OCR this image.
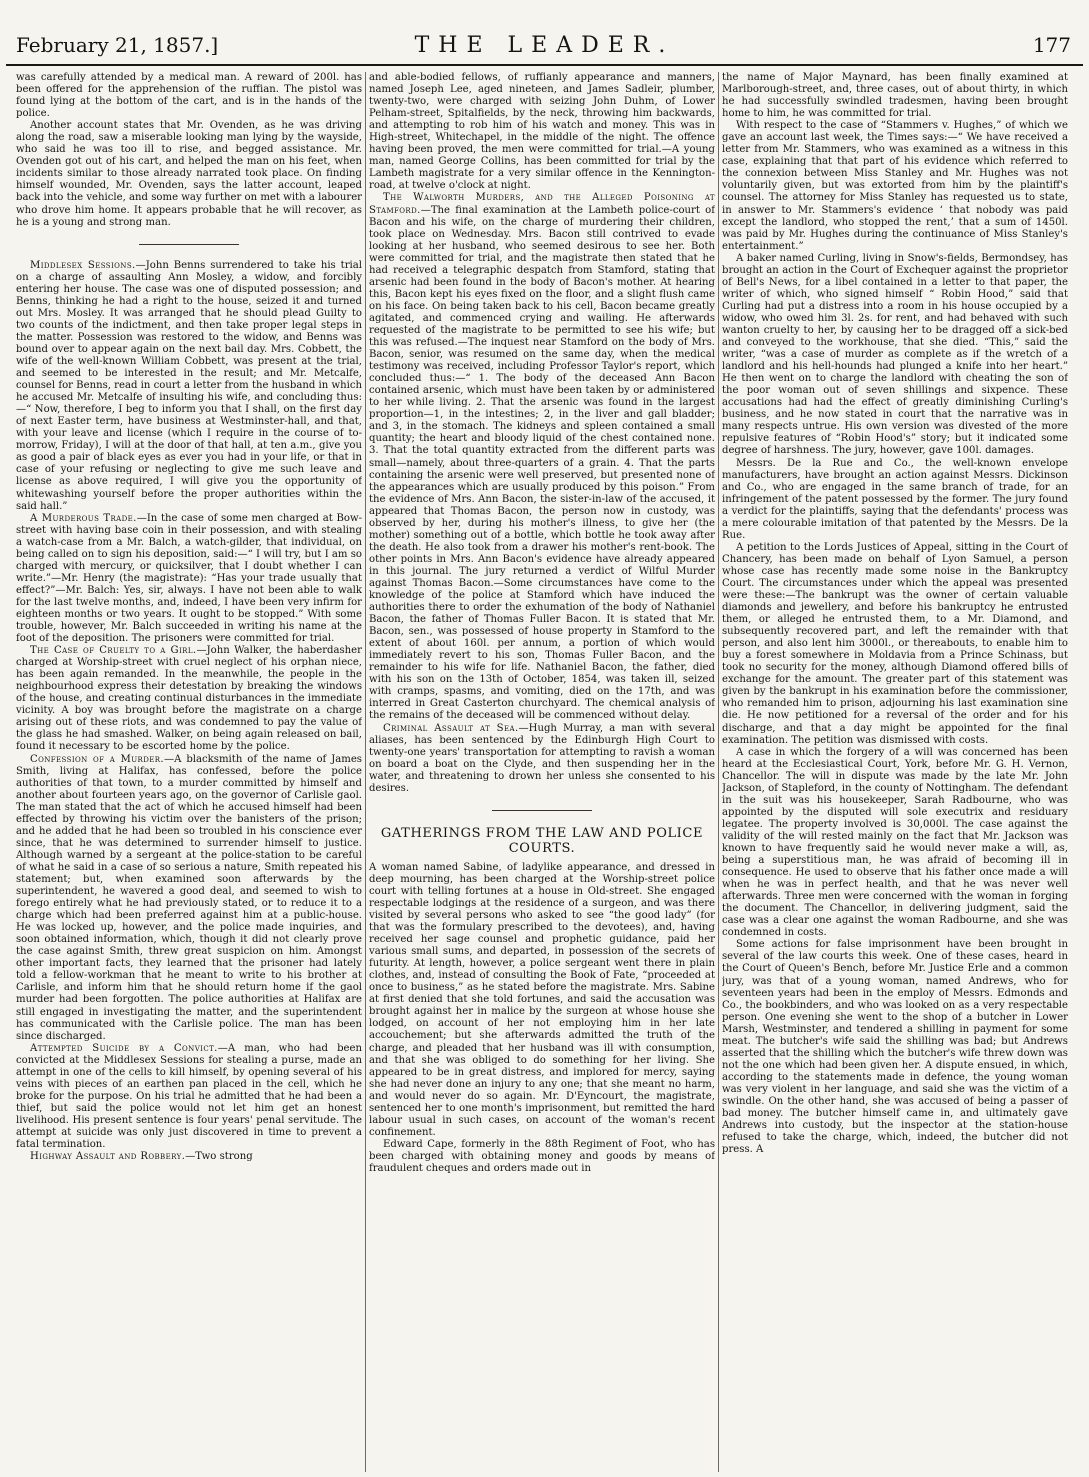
February 21, 1857.]	THE LEADER.	177

was carefully attended by a medical man. A reward of 200l. has been offered for the apprehension of the ruffian. The pistol was found lying at the bottom of the cart, and is in the hands of the police.

Another account states that Mr. Ovenden, as he was driving along the road, saw a miserable looking man lying by the wayside, who said he was too ill to rise, and begged assistance. Mr. Ovenden got out of his cart, and helped the man on his feet, when incidents similar to those already narrated took place. On finding himself wounded, Mr. Ovenden, says the latter account, leaped back into the vehicle, and some way further on met with a labourer who drove him home. It appears probable that he will recover, as he is a young and strong man.

Middlesex Sessions.—John Benns surrendered to take his trial on a charge of assaulting Ann Mosley, a widow, and forcibly entering her house. The case was one of disputed possession; and Benns, thinking he had a right to the house, seized it and turned out Mrs. Mosley. It was arranged that he should plead Guilty to two counts of the indictment, and then take proper legal steps in the matter. Possession was restored to the widow, and Benns was bound over to appear again on the next bail day. Mrs. Cobbett, the wife of the well-known William Cobbett, was present at the trial, and seemed to be interested in the result; and Mr. Metcalfe, counsel for Benns, read in court a letter from the husband in which he accused Mr. Metcalfe of insulting his wife, and concluding thus:—“ Now, therefore, I beg to inform you that I shall, on the first day of next Easter term, have business at Westminster-hall, and that, with your leave and license (which I require in the course of to-morrow, Friday), I will at the door of that hall, at ten a.m., give you as good a pair of black eyes as ever you had in your life, or that in case of your refusing or neglecting to give me such leave and license as above required, I will give you the opportunity of whitewashing yourself before the proper authorities within the said hall.”

A Murderous Trade.—In the case of some men charged at Bow-street with having base coin in their possession, and with stealing a watch-case from a Mr. Balch, a watch-gilder, that individual, on being called on to sign his deposition, said:—“ I will try, but I am so charged with mercury, or quicksilver, that I doubt whether I can write.”—Mr. Henry (the magistrate): “Has your trade usually that effect?”—Mr. Balch: Yes, sir, always. I have not been able to walk for the last twelve months, and, indeed, I have been very infirm for eighteen months or two years. It ought to be stopped.” With some trouble, however, Mr. Balch succeeded in writing his name at the foot of the deposition. The prisoners were committed for trial.

The Case of Cruelty to a Girl.—John Walker, the haberdasher charged at Worship-street with cruel neglect of his orphan niece, has been again remanded. In the meanwhile, the people in the neighbourhood express their detestation by breaking the windows of the house, and creating continual disturbances in the immediate vicinity. A boy was brought before the magistrate on a charge arising out of these riots, and was condemned to pay the value of the glass he had smashed. Walker, on being again released on bail, found it necessary to be escorted home by the police.

Confession of a Murder.—A blacksmith of the name of James Smith, living at Halifax, has confessed, before the police authorities of that town, to a murder committed by himself and another about fourteen years ago, on the governor of Carlisle gaol. The man stated that the act of which he accused himself had been effected by throwing his victim over the banisters of the prison; and he added that he had been so troubled in his conscience ever since, that he was determined to surrender himself to justice. Although warned by a sergeant at the police-station to be careful of what he said in a case of so serious a nature, Smith repeated his statement; but, when examined soon afterwards by the superintendent, he wavered a good deal, and seemed to wish to forego entirely what he had previously stated, or to reduce it to a charge which had been preferred against him at a public-house. He was locked up, however, and the police made inquiries, and soon obtained information, which, though it did not clearly prove the case against Smith, threw great suspicion on him. Amongst other important facts, they learned that the prisoner had lately told a fellow-workman that he meant to write to his brother at Carlisle, and inform him that he should return home if the gaol murder had been forgotten. The police authorities at Halifax are still engaged in investigating the matter, and the superintendent has communicated with the Carlisle police. The man has been since discharged.

Attempted Suicide by a Convict.—A man, who had been convicted at the Middlesex Sessions for stealing a purse, made an attempt in one of the cells to kill himself, by opening several of his veins with pieces of an earthen pan placed in the cell, which he broke for the purpose. On his trial he admitted that he had been a thief, but said the police would not let him get an honest livelihood. His present sentence is four years' penal servitude. The attempt at suicide was only just discovered in time to prevent a fatal termination.

Highway Assault and Robbery.—Two strong

and able-bodied fellows, of ruffianly appearance and manners, named Joseph Lee, aged nineteen, and James Sadleir, plumber, twenty-two, were charged with seizing John Duhm, of Lower Pelham-street, Spitalfields, by the neck, throwing him backwards, and attempting to rob him of his watch and money. This was in High-street, Whitechapel, in the middle of the night. The offence having been proved, the men were committed for trial.—A young man, named George Collins, has been committed for trial by the Lambeth magistrate for a very similar offence in the Kennington-road, at twelve o'clock at night.

The Walworth Murders, and the Alleged Poisoning at Stamford.—The final examination at the Lambeth police-court of Bacon and his wife, on the charge of murdering their children, took place on Wednesday. Mrs. Bacon still contrived to evade looking at her husband, who seemed desirous to see her. Both were committed for trial, and the magistrate then stated that he had received a telegraphic despatch from Stamford, stating that arsenic had been found in the body of Bacon's mother. At hearing this, Bacon kept his eyes fixed on the floor, and a slight flush came on his face. On being taken back to his cell, Bacon became greatly agitated, and commenced crying and wailing. He afterwards requested of the magistrate to be permitted to see his wife; but this was refused.—The inquest near Stamford on the body of Mrs. Bacon, senior, was resumed on the same day, when the medical testimony was received, including Professor Taylor's report, which concluded thus:—“ 1. The body of the deceased Ann Bacon contained arsenic, which must have been taken by or administered to her while living. 2. That the arsenic was found in the largest proportion—1, in the intestines; 2, in the liver and gall bladder; and 3, in the stomach. The kidneys and spleen contained a small quantity; the heart and bloody liquid of the chest contained none. 3. That the total quantity extracted from the different parts was small—namely, about three-quarters of a grain. 4. That the parts containing the arsenic were well preserved, but presented none of the appearances which are usually produced by this poison.” From the evidence of Mrs. Ann Bacon, the sister-in-law of the accused, it appeared that Thomas Bacon, the person now in custody, was observed by her, during his mother's illness, to give her (the mother) something out of a bottle, which bottle he took away after the death. He also took from a drawer his mother's rent-book. The other points in Mrs. Ann Bacon's evidence have already appeared in this journal. The jury returned a verdict of Wilful Murder against Thomas Bacon.—Some circumstances have come to the knowledge of the police at Stamford which have induced the authorities there to order the exhumation of the body of Nathaniel Bacon, the father of Thomas Fuller Bacon. It is stated that Mr. Bacon, sen., was possessed of house property in Stamford to the extent of about 160l. per annum, a portion of which would immediately revert to his son, Thomas Fuller Bacon, and the remainder to his wife for life. Nathaniel Bacon, the father, died with his son on the 13th of October, 1854, was taken ill, seized with cramps, spasms, and vomiting, died on the 17th, and was interred in Great Casterton churchyard. The chemical analysis of the remains of the deceased will be commenced without delay.

Criminal Assault at Sea.—Hugh Murray, a man with several aliases, has been sentenced by the Edinburgh High Court to twenty-one years' transportation for attempting to ravish a woman on board a boat on the Clyde, and then suspending her in the water, and threatening to drown her unless she consented to his desires.

GATHERINGS FROM THE LAW AND POLICE COURTS.

A woman named Sabine, of ladylike appearance, and dressed in deep mourning, has been charged at the Worship-street police court with telling fortunes at a house in Old-street. She engaged respectable lodgings at the residence of a surgeon, and was there visited by several persons who asked to see “the good lady” (for that was the formulary prescribed to the devotees), and, having received her sage counsel and prophetic guidance, paid her various small sums, and departed, in possession of the secrets of futurity. At length, however, a police sergeant went there in plain clothes, and, instead of consulting the Book of Fate, “proceeded at once to business,” as he stated before the magistrate. Mrs. Sabine at first denied that she told fortunes, and said the accusation was brought against her in malice by the surgeon at whose house she lodged, on account of her not employing him in her late accouchement; but she afterwards admitted the truth of the charge, and pleaded that her husband was ill with consumption, and that she was obliged to do something for her living. She appeared to be in great distress, and implored for mercy, saying she had never done an injury to any one; that she meant no harm, and would never do so again. Mr. D'Eyncourt, the magistrate, sentenced her to one month's imprisonment, but remitted the hard labour usual in such cases, on account of the woman's recent confinement.

Edward Cape, formerly in the 88th Regiment of Foot, who has been charged with obtaining money and goods by means of fraudulent cheques and orders made out in

the name of Major Maynard, has been finally examined at Marlborough-street, and, three cases, out of about thirty, in which he had successfully swindled tradesmen, having been brought home to him, he was committed for trial.

With respect to the case of “Stammers v. Hughes,” of which we gave an account last week, the Times says:—“ We have received a letter from Mr. Stammers, who was examined as a witness in this case, explaining that that part of his evidence which referred to the connexion between Miss Stanley and Mr. Hughes was not voluntarily given, but was extorted from him by the plaintiff's counsel. The attorney for Miss Stanley has requested us to state, in answer to Mr. Stammers's evidence ‘ that nobody was paid except the landlord, who stopped the rent,’ that a sum of 1450l. was paid by Mr. Hughes during the continuance of Miss Stanley's entertainment.”

A baker named Curling, living in Snow's-fields, Bermondsey, has brought an action in the Court of Exchequer against the proprietor of Bell's News, for a libel contained in a letter to that paper, the writer of which, who signed himself “ Robin Hood,” said that Curling had put a distress into a room in his house occupied by a widow, who owed him 3l. 2s. for rent, and had behaved with such wanton cruelty to her, by causing her to be dragged off a sick-bed and conveyed to the workhouse, that she died. “This,” said the writer, “was a case of murder as complete as if the wretch of a landlord and his hell-hounds had plunged a knife into her heart.” He then went on to charge the landlord with cheating the son of the poor woman out of seven shillings and sixpence. These accusations had had the effect of greatly diminishing Curling's business, and he now stated in court that the narrative was in many respects untrue. His own version was divested of the more repulsive features of “Robin Hood's” story; but it indicated some degree of harshness. The jury, however, gave 100l. damages.

Messrs. De la Rue and Co., the well-known envelope manufacturers, have brought an action against Messrs. Dickinson and Co., who are engaged in the same branch of trade, for an infringement of the patent possessed by the former. The jury found a verdict for the plaintiffs, saying that the defendants' process was a mere colourable imitation of that patented by the Messrs. De la Rue.

A petition to the Lords Justices of Appeal, sitting in the Court of Chancery, has been made on behalf of Lyon Samuel, a person whose case has recently made some noise in the Bankruptcy Court. The circumstances under which the appeal was presented were these:—The bankrupt was the owner of certain valuable diamonds and jewellery, and before his bankruptcy he entrusted them, or alleged he entrusted them, to a Mr. Diamond, and subsequently recovered part, and left the remainder with that person, and also lent him 3000l., or thereabouts, to enable him to buy a forest somewhere in Moldavia from a Prince Schinass, but took no security for the money, although Diamond offered bills of exchange for the amount. The greater part of this statement was given by the bankrupt in his examination before the commissioner, who remanded him to prison, adjourning his last examination sine die. He now petitioned for a reversal of the order and for his discharge, and that a day might be appointed for the final examination. The petition was dismissed with costs.

A case in which the forgery of a will was concerned has been heard at the Ecclesiastical Court, York, before Mr. G. H. Vernon, Chancellor. The will in dispute was made by the late Mr. John Jackson, of Stapleford, in the county of Nottingham. The defendant in the suit was his housekeeper, Sarah Radbourne, who was appointed by the disputed will sole executrix and residuary legatee. The property involved is 30,000l. The case against the validity of the will rested mainly on the fact that Mr. Jackson was known to have frequently said he would never make a will, as, being a superstitious man, he was afraid of becoming ill in consequence. He used to observe that his father once made a will when he was in perfect health, and that he was never well afterwards. Three men were concerned with the woman in forging the document. The Chancellor, in delivering judgment, said the case was a clear one against the woman Radbourne, and she was condemned in costs.

Some actions for false imprisonment have been brought in several of the law courts this week. One of these cases, heard in the Court of Queen's Bench, before Mr. Justice Erle and a common jury, was that of a young woman, named Andrews, who for seventeen years had been in the employ of Messrs. Edmonds and Co., the bookbinders, and who was looked on as a very respectable person. One evening she went to the shop of a butcher in Lower Marsh, Westminster, and tendered a shilling in payment for some meat. The butcher's wife said the shilling was bad; but Andrews asserted that the shilling which the butcher's wife threw down was not the one which had been given her. A dispute ensued, in which, according to the statements made in defence, the young woman was very violent in her language, and said she was the victim of a swindle. On the other hand, she was accused of being a passer of bad money. The butcher himself came in, and ultimately gave Andrews into custody, but the inspector at the station-house refused to take the charge, which, indeed, the butcher did not press. A
